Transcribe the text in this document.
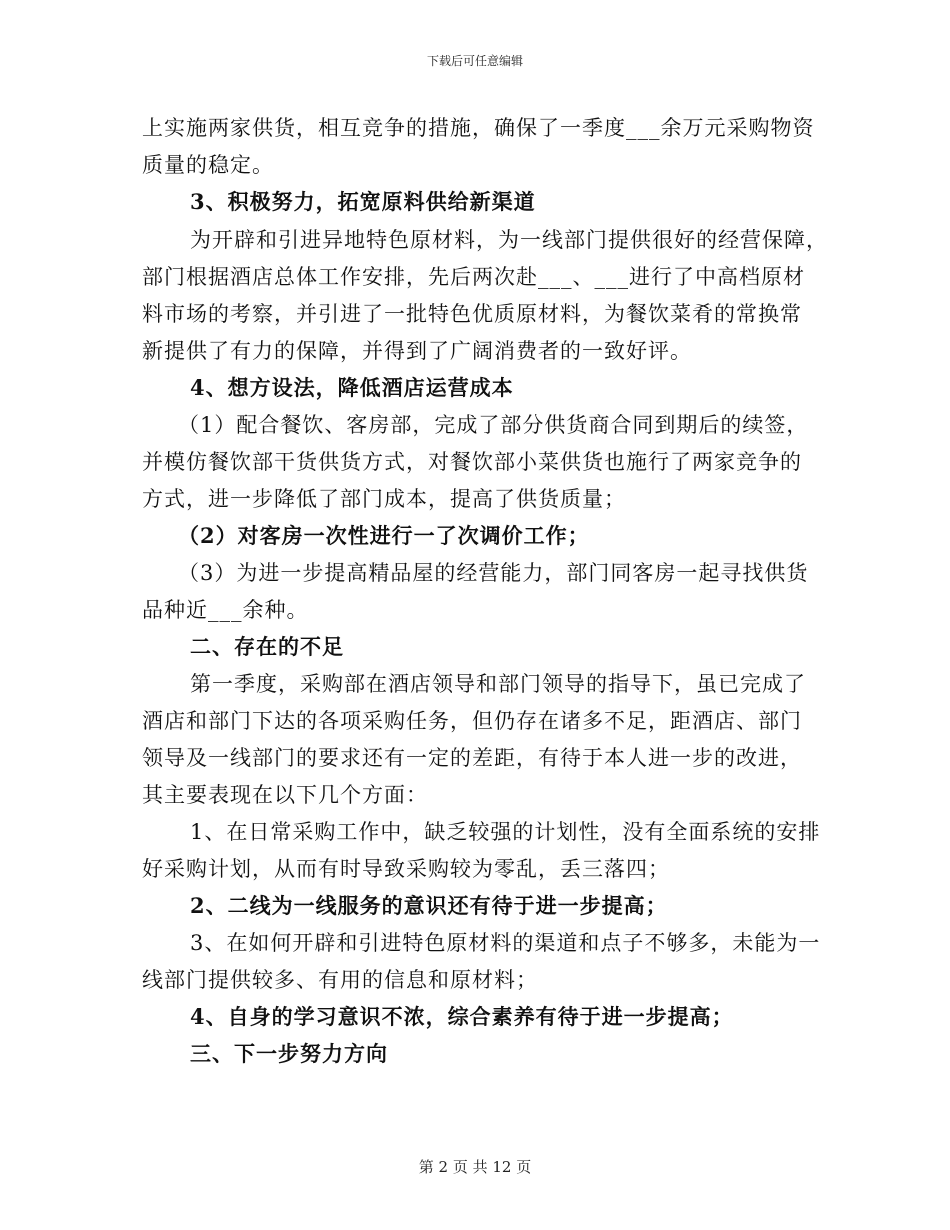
下载后可任意编辑
上实施两家供货，相互竞争的措施，确保了一季度___余万元采购物资
质量的稳定。
3、积极努力，拓宽原料供给新渠道
为开辟和引进异地特色原材料，为一线部门提供很好的经营保障，
部门根据酒店总体工作安排，先后两次赴___、___进行了中高档原材
料市场的考察，并引进了一批特色优质原材料，为餐饮菜肴的常换常
新提供了有力的保障，并得到了广阔消费者的一致好评。
4、想方设法，降低酒店运营成本
（1）配合餐饮、客房部，完成了部分供货商合同到期后的续签，
并模仿餐饮部干货供货方式，对餐饮部小菜供货也施行了两家竞争的
方式，进一步降低了部门成本，提高了供货质量；
（2）对客房一次性进行一了次调价工作；
（3）为进一步提高精品屋的经营能力，部门同客房一起寻找供货
品种近___余种。
二、存在的不足
第一季度，采购部在酒店领导和部门领导的指导下，虽已完成了
酒店和部门下达的各项采购任务，但仍存在诸多不足，距酒店、部门
领导及一线部门的要求还有一定的差距，有待于本人进一步的改进，
其主要表现在以下几个方面：
1、在日常采购工作中，缺乏较强的计划性，没有全面系统的安排
好采购计划，从而有时导致采购较为零乱，丢三落四；
2、二线为一线服务的意识还有待于进一步提高；
3、在如何开辟和引进特色原材料的渠道和点子不够多，未能为一
线部门提供较多、有用的信息和原材料；
4、自身的学习意识不浓，综合素养有待于进一步提高；
三、下一步努力方向
第 2 页 共 12 页
